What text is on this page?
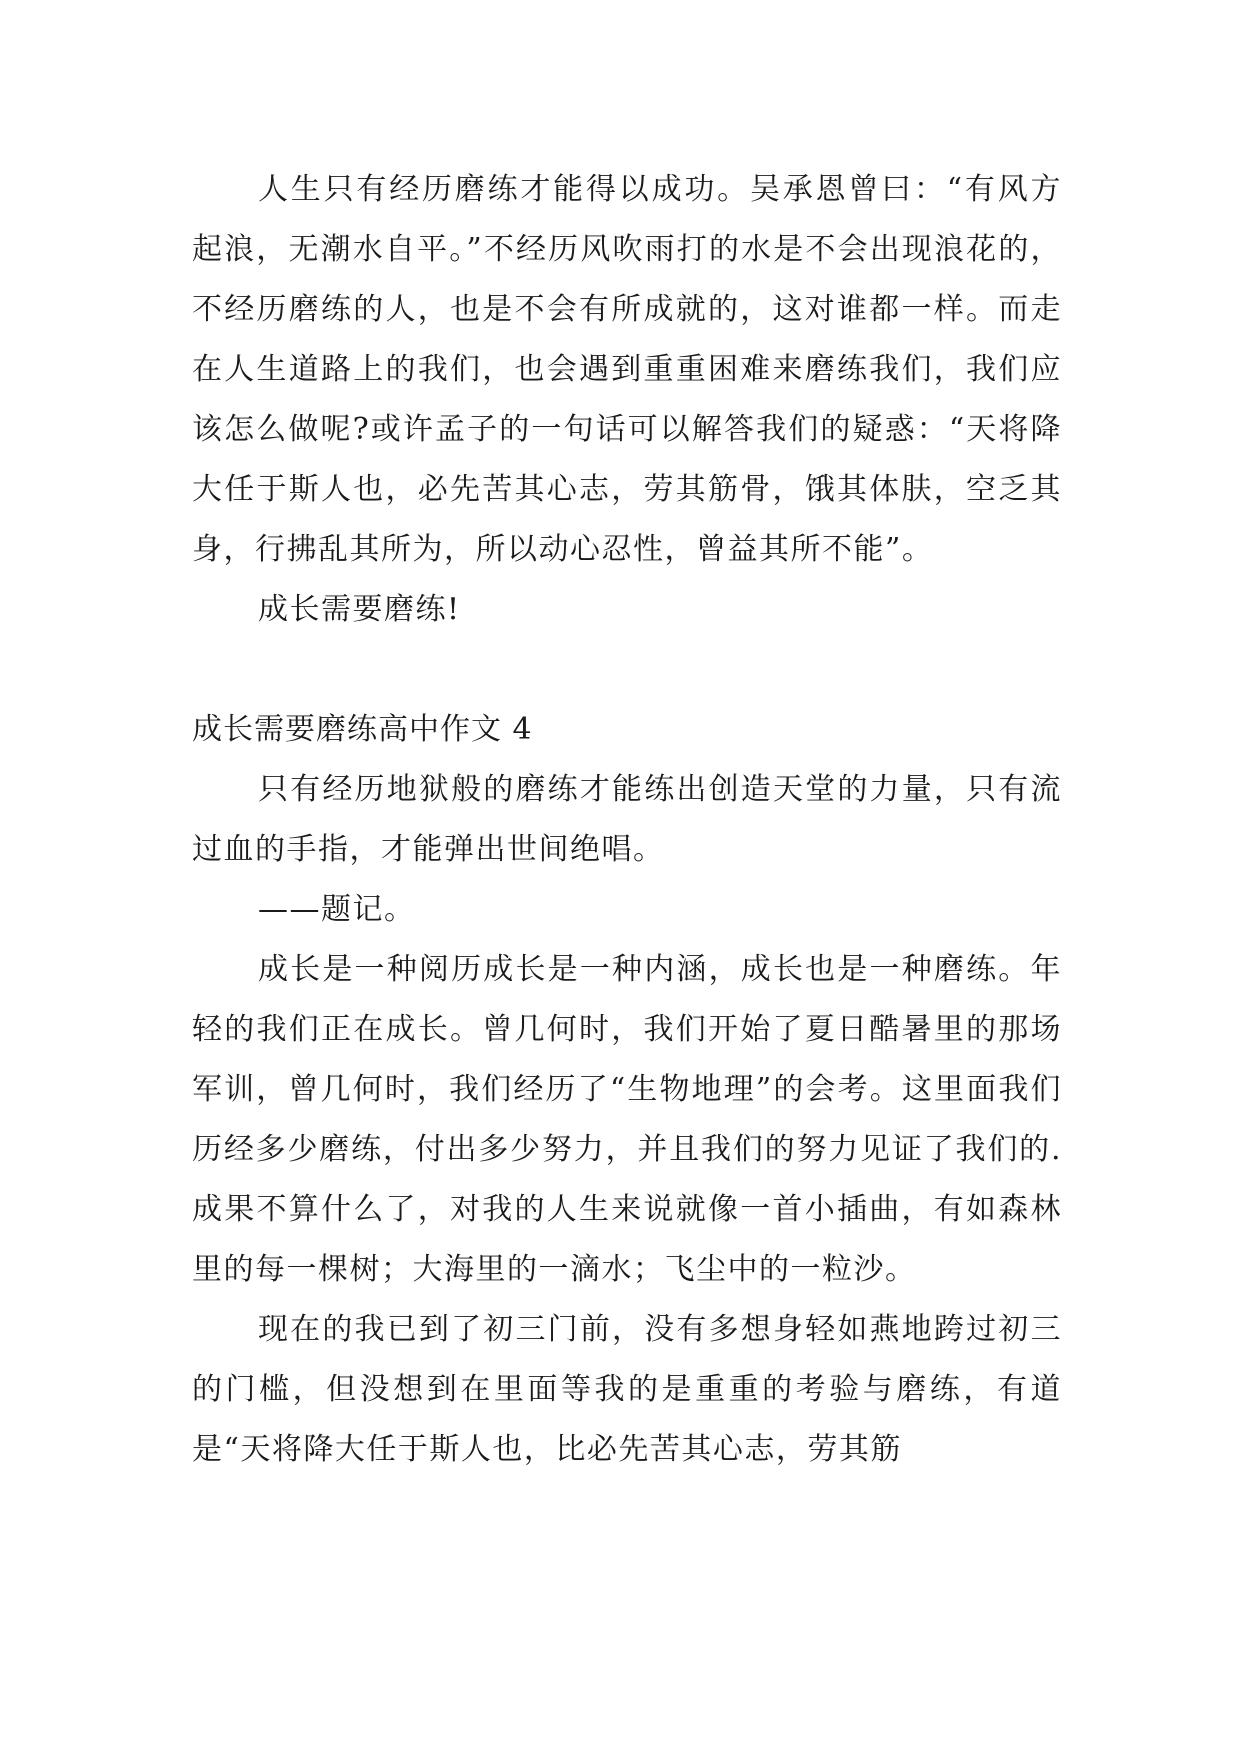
人生只有经历磨练才能得以成功。吴承恩曾曰：“有风方起浪，无潮水自平。”不经历风吹雨打的水是不会出现浪花的，不经历磨练的人，也是不会有所成就的，这对谁都一样。而走在人生道路上的我们，也会遇到重重困难来磨练我们，我们应该怎么做呢?或许孟子的一句话可以解答我们的疑惑：“天将降大任于斯人也，必先苦其心志，劳其筋骨，饿其体肤，空乏其身，行拂乱其所为，所以动心忍性，曾益其所不能”。

成长需要磨练!

成长需要磨练高中作文 4

只有经历地狱般的磨练才能练出创造天堂的力量，只有流过血的手指，才能弹出世间绝唱。

——题记。

成长是一种阅历成长是一种内涵，成长也是一种磨练。年轻的我们正在成长。曾几何时，我们开始了夏日酷暑里的那场军训，曾几何时，我们经历了“生物地理”的会考。这里面我们历经多少磨练，付出多少努力，并且我们的努力见证了我们的.成果不算什么了，对我的人生来说就像一首小插曲，有如森林里的每一棵树；大海里的一滴水；飞尘中的一粒沙。

现在的我已到了初三门前，没有多想身轻如燕地跨过初三的门槛，但没想到在里面等我的是重重的考验与磨练，有道是“天将降大任于斯人也，比必先苦其心志，劳其筋
